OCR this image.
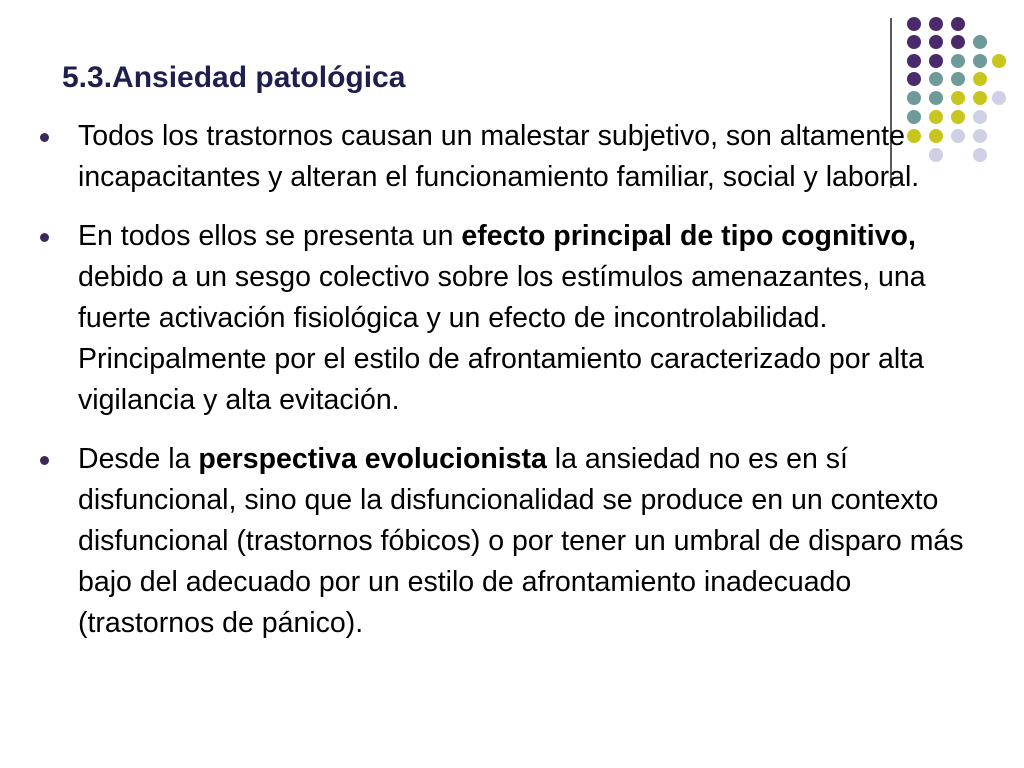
5.3.Ansiedad patológica
Todos los trastornos causan un malestar subjetivo, son altamente incapacitantes y alteran el funcionamiento familiar, social y laboral.
En todos ellos se presenta un efecto principal de tipo cognitivo, debido a un sesgo colectivo sobre los estímulos amenazantes, una fuerte activación fisiológica y un efecto de incontrolabilidad. Principalmente por el estilo de afrontamiento caracterizado por alta vigilancia y alta evitación.
Desde la perspectiva evolucionista la ansiedad no es en sí disfuncional, sino que la disfuncionalidad se produce en un contexto disfuncional (trastornos fóbicos) o por tener un umbral de disparo más bajo del adecuado por un estilo de afrontamiento inadecuado (trastornos de pánico).
